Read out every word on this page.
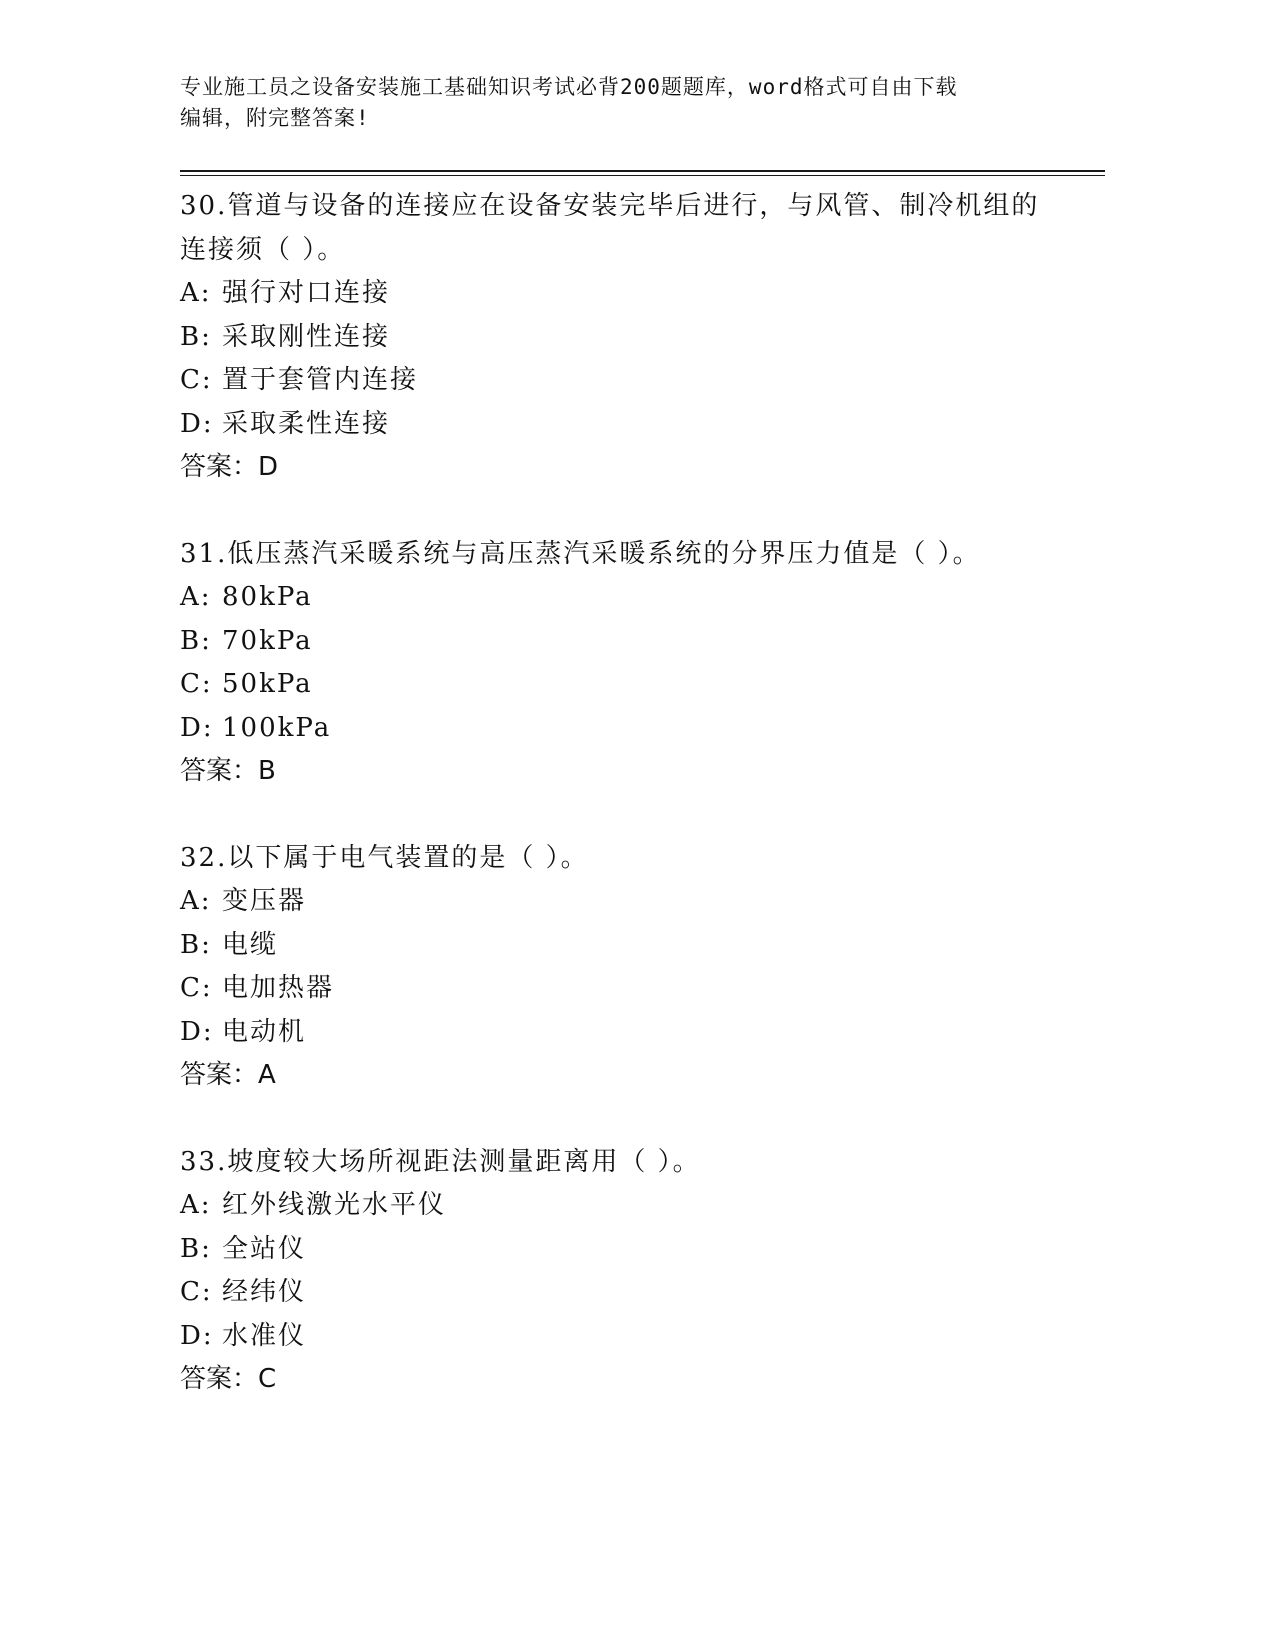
专业施工员之设备安装施工基础知识考试必背200题题库，word格式可自由下载
编辑，附完整答案!
30.管道与设备的连接应在设备安装完毕后进行，与风管、制冷机组的
连接须（ ）。
A: 强行对口连接
B: 采取刚性连接
C: 置于套管内连接
D: 采取柔性连接
答案：D
31.低压蒸汽采暖系统与高压蒸汽采暖系统的分界压力值是（ ）。
A: 80kPa
B: 70kPa
C: 50kPa
D: 100kPa
答案：B
32.以下属于电气装置的是（ ）。
A: 变压器
B: 电缆
C: 电加热器
D: 电动机
答案：A
33.坡度较大场所视距法测量距离用（ ）。
A: 红外线激光水平仪
B: 全站仪
C: 经纬仪
D: 水准仪
答案：C
